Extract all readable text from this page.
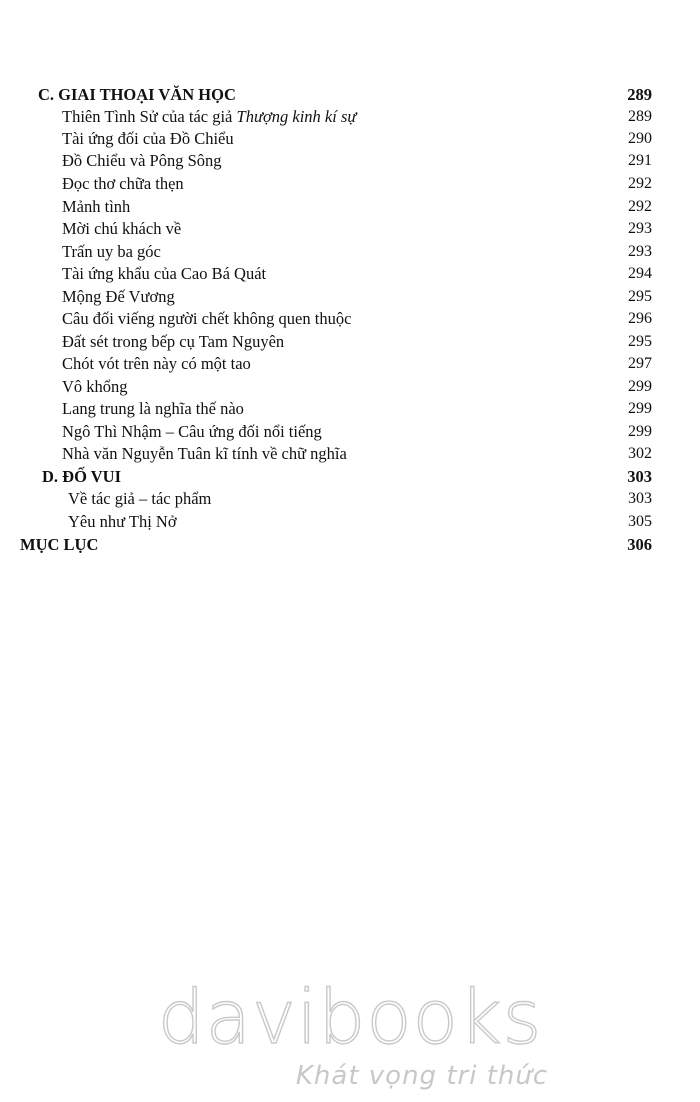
C. GIAI THOẠI VĂN HỌC	289
Thiên Tình Sử của tác giả Thượng kinh kí sự	289
Tài ứng đối của Đồ Chiểu	290
Đồ Chiểu và Pông Sông	291
Đọc thơ chữa thẹn	292
Mảnh tình	292
Mời chú khách về	293
Trấn uy ba góc	293
Tài ứng khẩu của Cao Bá Quát	294
Mộng Đế Vương	295
Câu đối viếng người chết không quen thuộc	296
Đất sét trong bếp cụ Tam Nguyên	295
Chót vót trên này có một tao	297
Vô khổng	299
Lang trung là nghĩa thế nào	299
Ngô Thì Nhậm – Câu ứng đối nổi tiếng	299
Nhà văn Nguyễn Tuân kĩ tính về chữ nghĩa	302
D. ĐỐ VUI	303
Về tác giả – tác phẩm	303
Yêu như Thị Nở	305
MỤC LỤC	306
davibooks
Khát vọng tri thức
